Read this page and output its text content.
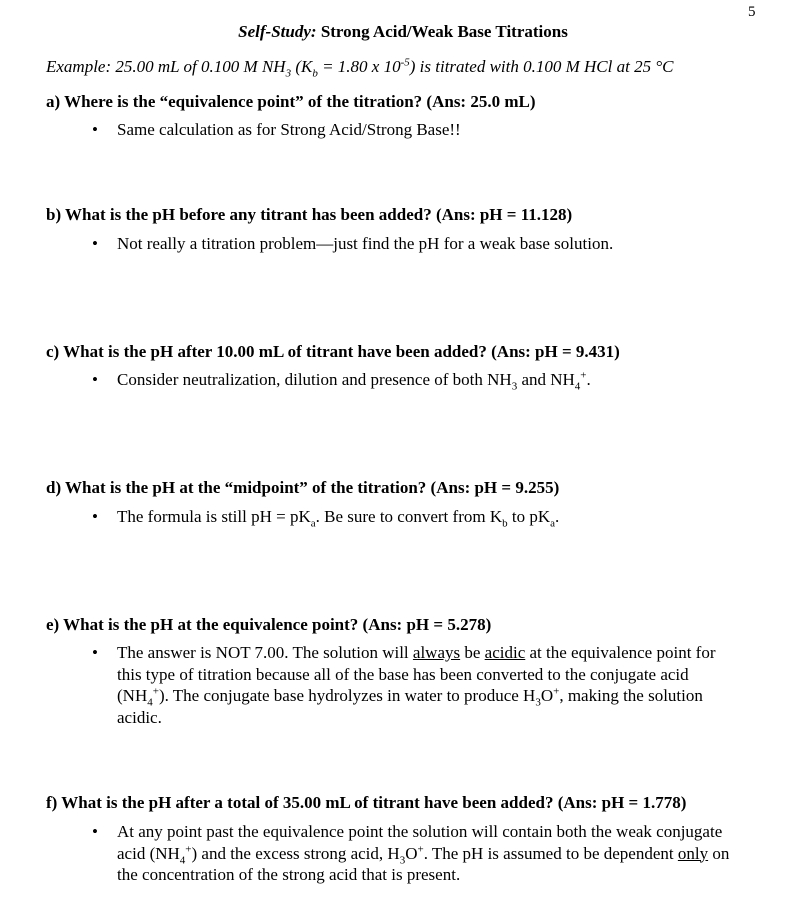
5
Self-Study: Strong Acid/Weak Base Titrations
Example: 25.00 mL of 0.100 M $NH_3$ ($K_b = 1.80$ x $10^{-5}$) is titrated with 0.100 M HCl at 25 °C
a) Where is the “equivalence point” of the titration? (Ans: 25.0 mL)
• Same calculation as for Strong Acid/Strong Base!!
b) What is the pH before any titrant has been added? (Ans: pH = 11.128)
• Not really a titration problem—just find the pH for a weak base solution.
c) What is the pH after 10.00 mL of titrant have been added? (Ans: pH = 9.431)
• Consider neutralization, dilution and presence of both $NH_3$ and $NH_4^+$.
d) What is the pH at the “midpoint” of the titration? (Ans: pH = 9.255)
• The formula is still pH = $pK_a$. Be sure to convert from $K_b$ to $pK_a$.
e) What is the pH at the equivalence point? (Ans: pH = 5.278)
• The answer is NOT 7.00. The solution will always be acidic at the equivalence point for this type of titration because all of the base has been converted to the conjugate acid $(NH_4^+)$. The conjugate base hydrolyzes in water to produce $H_3O^+$, making the solution acidic.
f) What is the pH after a total of 35.00 mL of titrant have been added? (Ans: pH = 1.778)
• At any point past the equivalence point the solution will contain both the weak conjugate acid $(NH_4^+)$ and the excess strong acid, $H_3O^+$. The pH is assumed to be dependent only on the concentration of the strong acid that is present.
